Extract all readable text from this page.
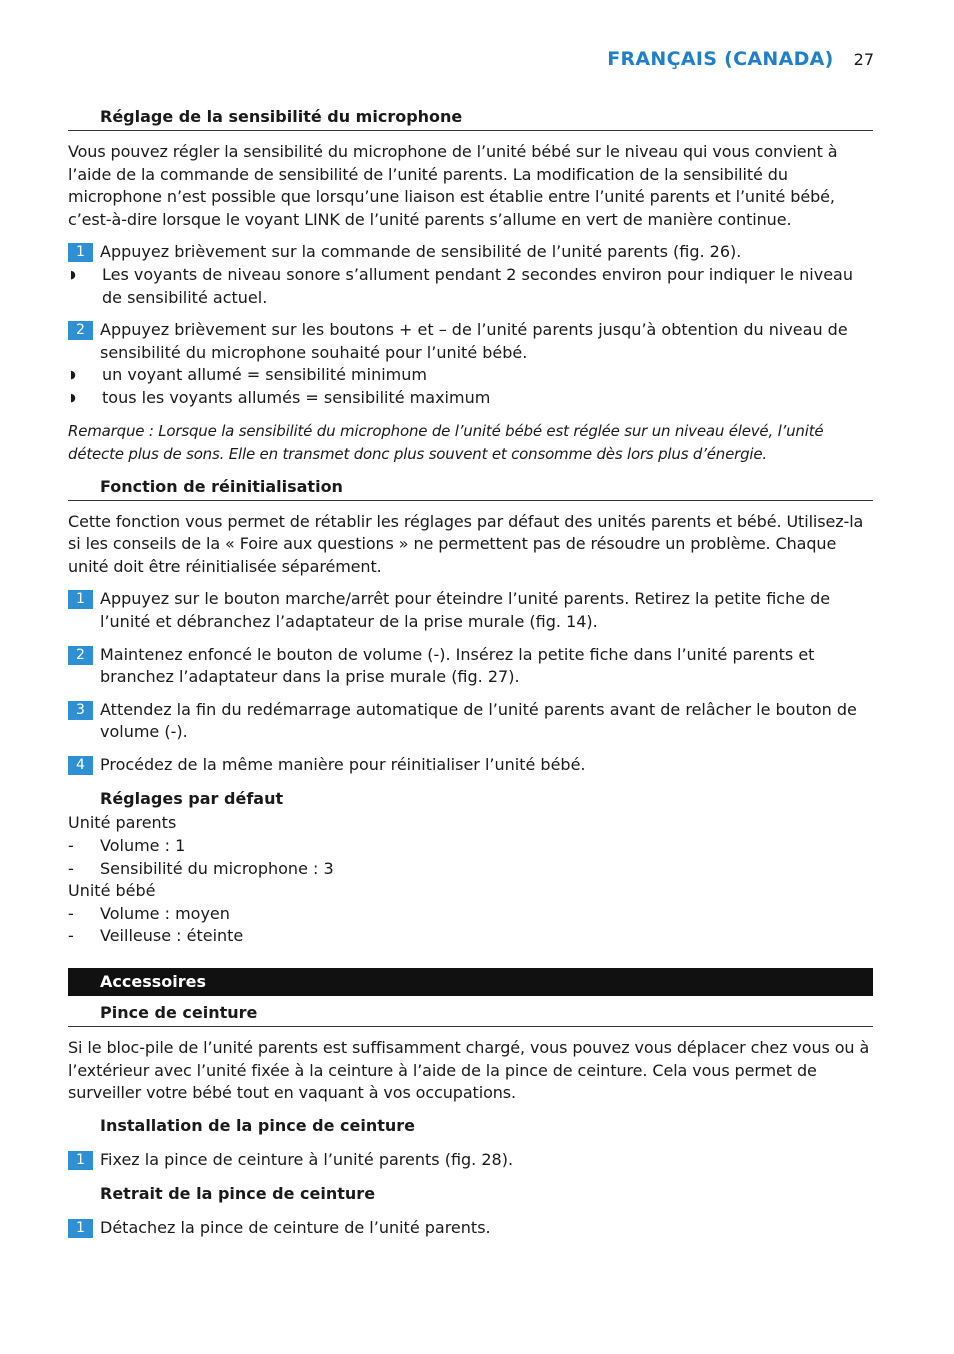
FRANÇAIS (CANADA) 27
Réglage de la sensibilité du microphone
Vous pouvez régler la sensibilité du microphone de l’unité bébé sur le niveau qui vous convient à l’aide de la commande de sensibilité de l’unité parents. La modification de la sensibilité du microphone n’est possible que lorsqu’une liaison est établie entre l’unité parents et l’unité bébé, c’est-à-dire lorsque le voyant LINK de l’unité parents s’allume en vert de manière continue.
1 Appuyez brièvement sur la commande de sensibilité de l’unité parents (fig. 26).
◗	Les voyants de niveau sonore s’allument pendant 2 secondes environ pour indiquer le niveau de sensibilité actuel.
2 Appuyez brièvement sur les boutons + et – de l’unité parents jusqu’à obtention du niveau de sensibilité du microphone souhaité pour l’unité bébé.
◗	un voyant allumé = sensibilité minimum
◗	tous les voyants allumés = sensibilité maximum
Remarque : Lorsque la sensibilité du microphone de l’unité bébé est réglée sur un niveau élevé, l’unité détecte plus de sons. Elle en transmet donc plus souvent et consomme dès lors plus d’énergie.
Fonction de réinitialisation
Cette fonction vous permet de rétablir les réglages par défaut des unités parents et bébé. Utilisez-la si les conseils de la « Foire aux questions » ne permettent pas de résoudre un problème. Chaque unité doit être réinitialisée séparément.
1 Appuyez sur le bouton marche/arrêt pour éteindre l’unité parents. Retirez la petite fiche de l’unité et débranchez l’adaptateur de la prise murale (fig. 14).
2 Maintenez enfoncé le bouton de volume (-). Insérez la petite fiche dans l’unité parents et branchez l’adaptateur dans la prise murale (fig. 27).
3 Attendez la fin du redémarrage automatique de l’unité parents avant de relâcher le bouton de volume (-).
4 Procédez de la même manière pour réinitialiser l’unité bébé.
Réglages par défaut
Unité parents
-	Volume : 1
-	Sensibilité du microphone : 3
Unité bébé
-	Volume : moyen
-	Veilleuse : éteinte
Accessoires
Pince de ceinture
Si le bloc-pile de l’unité parents est suffisamment chargé, vous pouvez vous déplacer chez vous ou à l’extérieur avec l’unité fixée à la ceinture à l’aide de la pince de ceinture. Cela vous permet de surveiller votre bébé tout en vaquant à vos occupations.
Installation de la pince de ceinture
1 Fixez la pince de ceinture à l’unité parents (fig. 28).
Retrait de la pince de ceinture
1 Détachez la pince de ceinture de l’unité parents.
